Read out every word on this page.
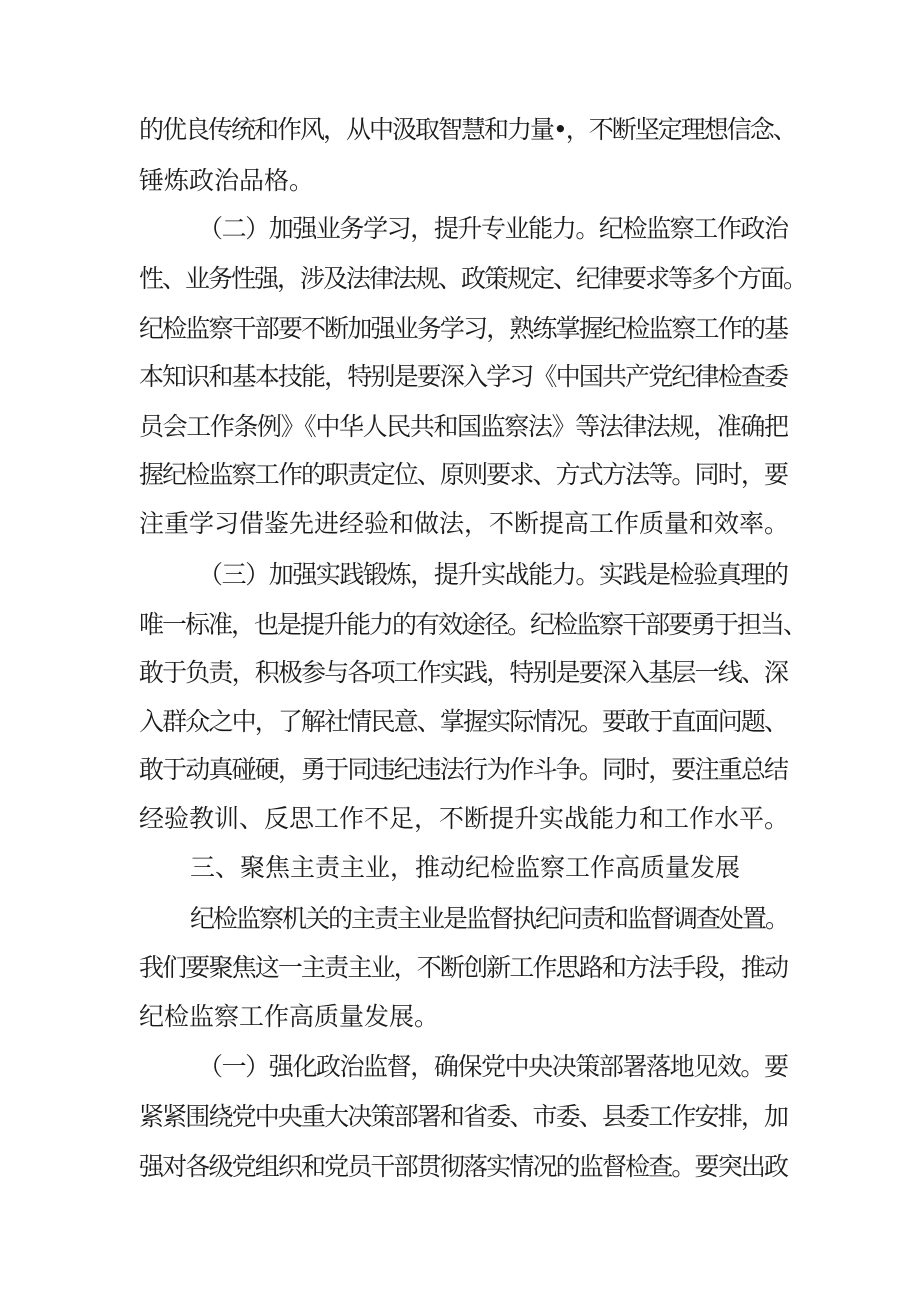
的优良传统和作风，从中汲取智慧和力量•，不断坚定理想信念、
锤炼政治品格。
（二）加强业务学习，提升专业能力。纪检监察工作政治
性、业务性强，涉及法律法规、政策规定、纪律要求等多个方面。
纪检监察干部要不断加强业务学习，熟练掌握纪检监察工作的基
本知识和基本技能，特别是要深入学习《中国共产党纪律检查委
员会工作条例》《中华人民共和国监察法》等法律法规，准确把
握纪检监察工作的职责定位、原则要求、方式方法等。同时，要
注重学习借鉴先进经验和做法，不断提高工作质量和效率。
（三）加强实践锻炼，提升实战能力。实践是检验真理的
唯一标准，也是提升能力的有效途径。纪检监察干部要勇于担当、
敢于负责，积极参与各项工作实践，特别是要深入基层一线、深
入群众之中，了解社情民意、掌握实际情况。要敢于直面问题、
敢于动真碰硬，勇于同违纪违法行为作斗争。同时，要注重总结
经验教训、反思工作不足，不断提升实战能力和工作水平。
三、聚焦主责主业，推动纪检监察工作高质量发展
纪检监察机关的主责主业是监督执纪问责和监督调查处置。
我们要聚焦这一主责主业，不断创新工作思路和方法手段，推动
纪检监察工作高质量发展。
（一）强化政治监督，确保党中央决策部署落地见效。要
紧紧围绕党中央重大决策部署和省委、市委、县委工作安排，加
强对各级党组织和党员干部贯彻落实情况的监督检查。要突出政
